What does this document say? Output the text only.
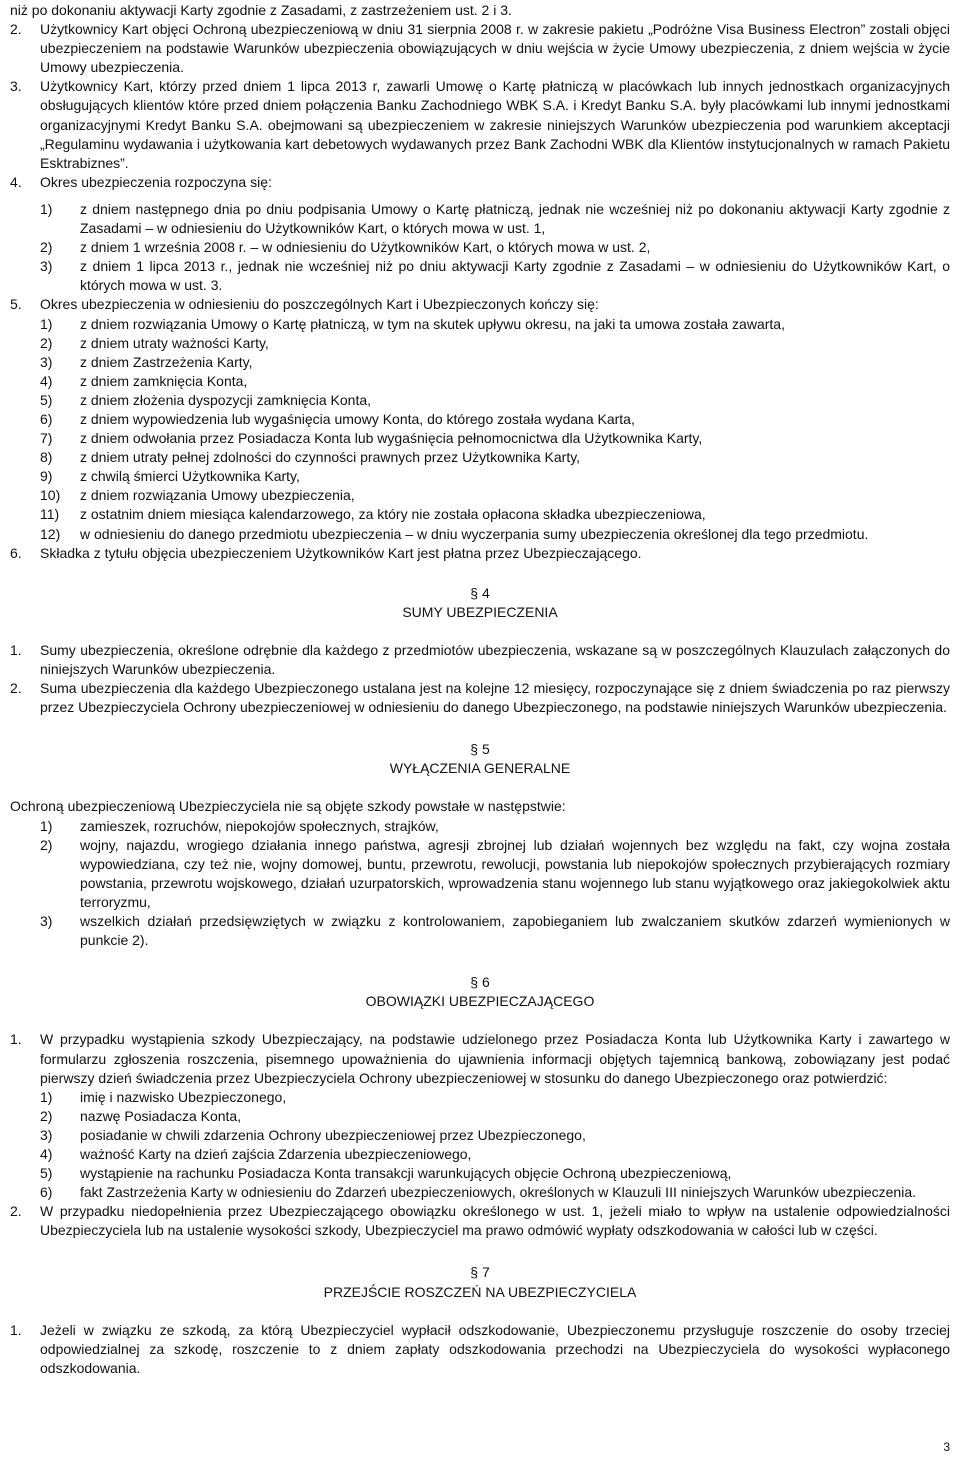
niż po dokonaniu aktywacji Karty zgodnie z Zasadami, z zastrzeżeniem ust. 2 i 3.

2. Użytkownicy Kart objęci Ochroną ubezpieczeniową w dniu 31 sierpnia 2008 r. w zakresie pakietu „Podróżne Visa Business Electron” zostali objęci ubezpieczeniem na podstawie Warunków ubezpieczenia obowiązujących w dniu wejścia w życie Umowy ubezpieczenia, z dniem wejścia w życie Umowy ubezpieczenia.
3. Użytkownicy Kart, którzy przed dniem 1 lipca 2013 r, zawarli Umowę o Kartę płatniczą w placówkach lub innych jednostkach organizacyjnych obsługujących klientów które przed dniem połączenia Banku Zachodniego WBK S.A. i Kredyt Banku S.A. były placówkami lub innymi jednostkami organizacyjnymi Kredyt Banku S.A. obejmowani są ubezpieczeniem w zakresie niniejszych Warunków ubezpieczenia pod warunkiem akceptacji „Regulaminu wydawania i użytkowania kart debetowych wydawanych przez Bank Zachodni WBK dla Klientów instytucjonalnych w ramach Pakietu Esktrabiznes”.
4. Okres ubezpieczenia rozpoczyna się:
1) z dniem następnego dnia po dniu podpisania Umowy o Kartę płatniczą, jednak nie wcześniej niż po dokonaniu aktywacji Karty zgodnie z Zasadami – w odniesieniu do Użytkowników Kart, o których mowa w ust. 1,
2) z dniem 1 września 2008 r. – w odniesieniu do Użytkowników Kart, o których mowa w ust. 2,
3) z dniem 1 lipca 2013 r., jednak nie wcześniej niż po dniu aktywacji Karty zgodnie z Zasadami – w odniesieniu do Użytkowników Kart, o których mowa w ust. 3.
5. Okres ubezpieczenia w odniesieniu do poszczególnych Kart i Ubezpieczonych kończy się:
1) z dniem rozwiązania Umowy o Kartę płatniczą, w tym na skutek upływu okresu, na jaki ta umowa została zawarta,
2) z dniem utraty ważności Karty,
3) z dniem Zastrzeżenia Karty,
4) z dniem zamknięcia Konta,
5) z dniem złożenia dyspozycji zamknięcia Konta,
6) z dniem wypowiedzenia lub wygaśnięcia umowy Konta, do którego została wydana Karta,
7) z dniem odwołania przez Posiadacza Konta lub wygaśnięcia pełnomocnictwa dla Użytkownika Karty,
8) z dniem utraty pełnej zdolności do czynności prawnych przez Użytkownika Karty,
9) z chwilą śmierci Użytkownika Karty,
10) z dniem rozwiązania Umowy ubezpieczenia,
11) z ostatnim dniem miesiąca kalendarzowego, za który nie została opłacona składka ubezpieczeniowa,
12) w odniesieniu do danego przedmiotu ubezpieczenia – w dniu wyczerpania sumy ubezpieczenia określonej dla tego przedmiotu.
6. Składka z tytułu objęcia ubezpieczeniem Użytkowników Kart jest płatna przez Ubezpieczającego.
§ 4
SUMY UBEZPIECZENIA
1. Sumy ubezpieczenia, określone odrębnie dla każdego z przedmiotów ubezpieczenia, wskazane są w poszczególnych Klauzulach załączonych do niniejszych Warunków ubezpieczenia.
2. Suma ubezpieczenia dla każdego Ubezpieczonego ustalana jest na kolejne 12 miesięcy, rozpoczynające się z dniem świadczenia po raz pierwszy przez Ubezpieczyciela Ochrony ubezpieczeniowej w odniesieniu do danego Ubezpieczonego, na podstawie niniejszych Warunków ubezpieczenia.
§ 5
WYŁĄCZENIA GENERALNE

Ochroną ubezpieczeniową Ubezpieczyciela nie są objęte szkody powstałe w następstwie:

1) zamieszek, rozruchów, niepokojów społecznych, strajków,
2) wojny, najazdu, wrogiego działania innego państwa, agresji zbrojnej lub działań wojennych bez względu na fakt, czy wojna została wypowiedziana, czy też nie, wojny domowej, buntu, przewrotu, rewolucji, powstania lub niepokojów społecznych przybierających rozmiary powstania, przewrotu wojskowego, działań uzurpatorskich, wprowadzenia stanu wojennego lub stanu wyjątkowego oraz jakiegokolwiek aktu terroryzmu,
3) wszelkich działań przedsięwziętych w związku z kontrolowaniem, zapobieganiem lub zwalczaniem skutków zdarzeń wymienionych w punkcie 2).
§ 6
OBOWIĄZKI UBEZPIECZAJĄCEGO
1. W przypadku wystąpienia szkody Ubezpieczający, na podstawie udzielonego przez Posiadacza Konta lub Użytkownika Karty i zawartego w formularzu zgłoszenia roszczenia, pisemnego upoważnienia do ujawnienia informacji objętych tajemnicą bankową, zobowiązany jest podać pierwszy dzień świadczenia przez Ubezpieczyciela Ochrony ubezpieczeniowej w stosunku do danego Ubezpieczonego oraz potwierdzić:
1) imię i nazwisko Ubezpieczonego,
2) nazwę Posiadacza Konta,
3) posiadanie w chwili zdarzenia Ochrony ubezpieczeniowej przez Ubezpieczonego,
4) ważność Karty na dzień zajścia Zdarzenia ubezpieczeniowego,
5) wystąpienie na rachunku Posiadacza Konta transakcji warunkujących objęcie Ochroną ubezpieczeniową,
6) fakt Zastrzeżenia Karty w odniesieniu do Zdarzeń ubezpieczeniowych, określonych w Klauzuli III niniejszych Warunków ubezpieczenia.
2. W przypadku niedopełnienia przez Ubezpieczającego obowiązku określonego w ust. 1, jeżeli miało to wpływ na ustalenie odpowiedzialności Ubezpieczyciela lub na ustalenie wysokości szkody, Ubezpieczyciel ma prawo odmówić wypłaty odszkodowania w całości lub w części.
§ 7
PRZEJŚCIE ROSZCZEŃ NA UBEZPIECZYCIELA
1. Jeżeli w związku ze szkodą, za którą Ubezpieczyciel wypłacił odszkodowanie, Ubezpieczonemu przysługuje roszczenie do osoby trzeciej odpowiedzialnej za szkodę, roszczenie to z dniem zapłaty odszkodowania przechodzi na Ubezpieczyciela do wysokości wypłaconego odszkodowania.
3
